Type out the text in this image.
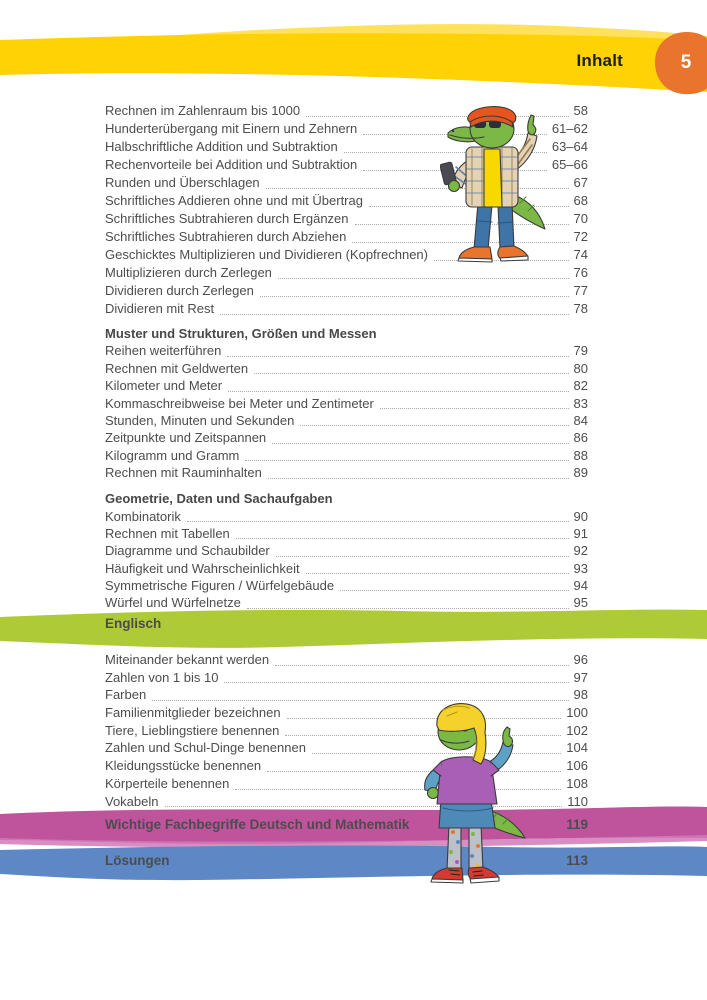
Inhalt	5
Rechnen im Zahlenraum bis 1000	58
Hunderterübergang mit Einern und Zehnern	61–62
Halbschriftliche Addition und Subtraktion	63–64
Rechenvorteile bei Addition und Subtraktion	65–66
Runden und Überschlagen	67
Schriftliches Addieren ohne und mit Übertrag	68
Schriftliches Subtrahieren durch Ergänzen	70
Schriftliches Subtrahieren durch Abziehen	72
Geschicktes Multiplizieren und Dividieren (Kopfrechnen)	74
Multiplizieren durch Zerlegen	76
Dividieren durch Zerlegen	77
Dividieren mit Rest	78
Muster und Strukturen, Größen und Messen
Reihen weiterführen	79
Rechnen mit Geldwerten	80
Kilometer und Meter	82
Kommaschreibweise bei Meter und Zentimeter	83
Stunden, Minuten und Sekunden	84
Zeitpunkte und Zeitspannen	86
Kilogramm und Gramm	88
Rechnen mit Rauminhalten	89
Geometrie, Daten und Sachaufgaben
Kombinatorik	90
Rechnen mit Tabellen	91
Diagramme und Schaubilder	92
Häufigkeit und Wahrscheinlichkeit	93
Symmetrische Figuren / Würfelgebäude	94
Würfel und Würfelnetze	95
Englisch
Miteinander bekannt werden	96
Zahlen von 1 bis 10	97
Farben	98
Familienmitglieder bezeichnen	100
Tiere, Lieblingstiere benennen	102
Zahlen und Schul-Dinge benennen	104
Kleidungsstücke benennen	106
Körperteile benennen	108
Vokabeln	110
Wichtige Fachbegriffe Deutsch und Mathematik	119
Lösungen	113
